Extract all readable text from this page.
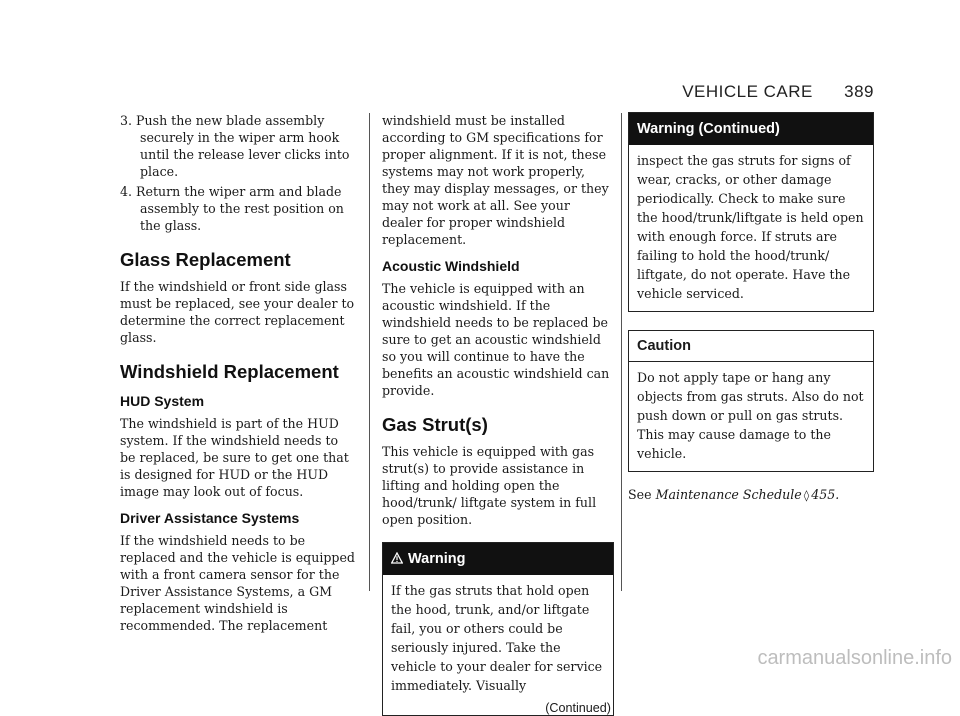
VEHICLE CARE 389

3. Push the new blade assembly securely in the wiper arm hook until the release lever clicks into place.

4. Return the wiper arm and blade assembly to the rest position on the glass.

Glass Replacement

If the windshield or front side glass must be replaced, see your dealer to determine the correct replacement glass.

Windshield Replacement
HUD System

The windshield is part of the HUD system. If the windshield needs to be replaced, be sure to get one that is designed for HUD or the HUD image may look out of focus.

Driver Assistance Systems

If the windshield needs to be replaced and the vehicle is equipped with a front camera sensor for the Driver Assistance Systems, a GM replacement windshield is recommended. The replacement

windshield must be installed according to GM specifications for proper alignment. If it is not, these systems may not work properly, they may display messages, or they may not work at all. See your dealer for proper windshield replacement.

Acoustic Windshield

The vehicle is equipped with an acoustic windshield. If the windshield needs to be replaced be sure to get an acoustic windshield so you will continue to have the benefits an acoustic windshield can provide.

Gas Strut(s)

This vehicle is equipped with gas strut(s) to provide assistance in lifting and holding open the hood/trunk/ liftgate system in full open position.

Warning
If the gas struts that hold open the hood, trunk, and/or liftgate fail, you or others could be seriously injured. Take the vehicle to your dealer for service immediately. Visually
(Continued)
Warning (Continued)
inspect the gas struts for signs of wear, cracks, or other damage periodically. Check to make sure the hood/trunk/liftgate is held open with enough force. If struts are failing to hold the hood/trunk/ liftgate, do not operate. Have the vehicle serviced.
Caution
Do not apply tape or hang any objects from gas struts. Also do not push down or pull on gas struts. This may cause damage to the vehicle.

See Maintenance Schedule ◊ 455.

carmanualsonline.info
